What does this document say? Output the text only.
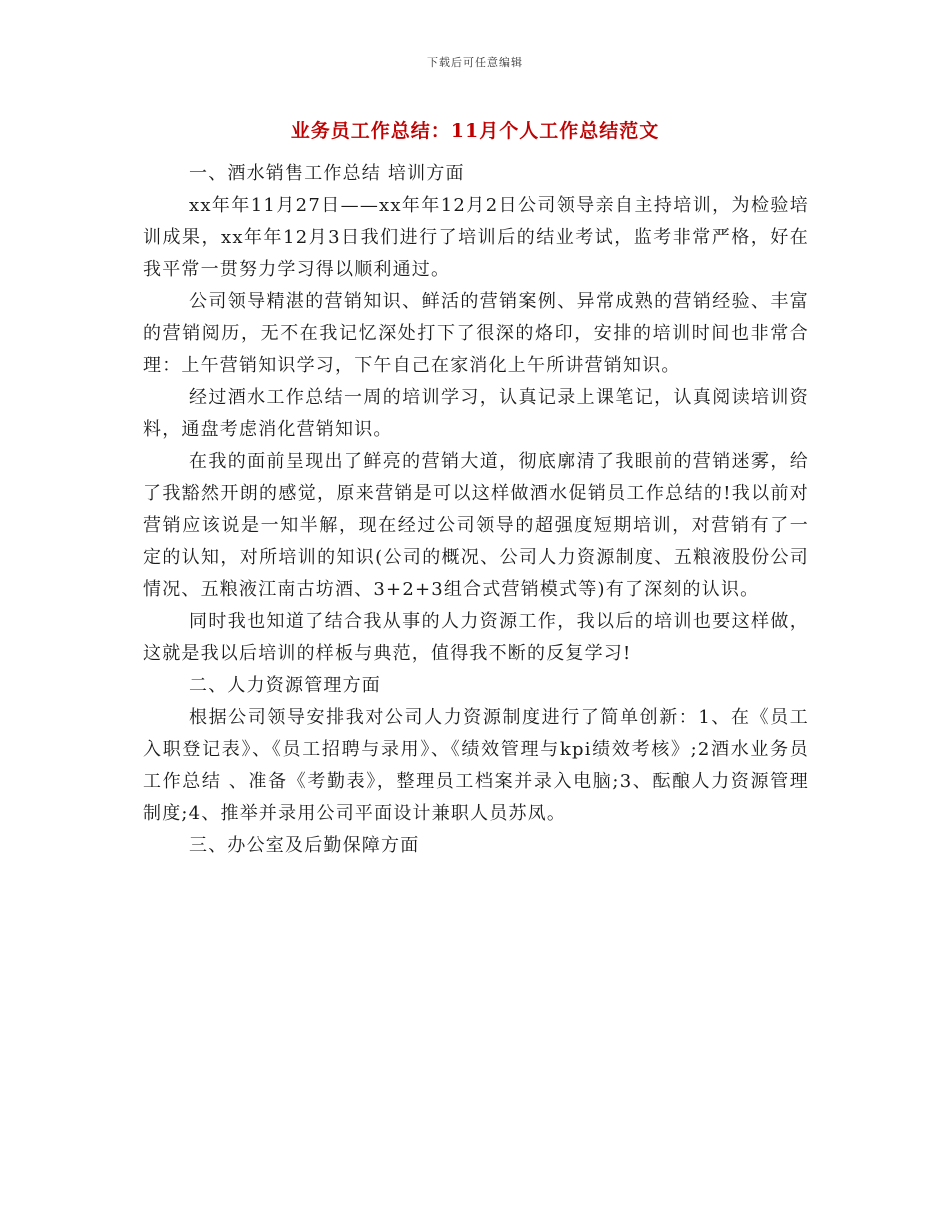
下载后可任意编辑
业务员工作总结：11月个人工作总结范文

一、酒水销售工作总结 培训方面

xx年年11月27日——xx年年12月2日公司领导亲自主持培训，为检验培训成果，xx年年12月3日我们进行了培训后的结业考试，监考非常严格，好在我平常一贯努力学习得以顺利通过。

公司领导精湛的营销知识、鲜活的营销案例、异常成熟的营销经验、丰富的营销阅历，无不在我记忆深处打下了很深的烙印，安排的培训时间也非常合理：上午营销知识学习，下午自己在家消化上午所讲营销知识。

经过酒水工作总结一周的培训学习，认真记录上课笔记，认真阅读培训资料，通盘考虑消化营销知识。

在我的面前呈现出了鲜亮的营销大道，彻底廓清了我眼前的营销迷雾，给了我豁然开朗的感觉，原来营销是可以这样做酒水促销员工作总结的!我以前对营销应该说是一知半解，现在经过公司领导的超强度短期培训，对营销有了一定的认知，对所培训的知识(公司的概况、公司人力资源制度、五粮液股份公司情况、五粮液江南古坊酒、3+2+3组合式营销模式等)有了深刻的认识。

同时我也知道了结合我从事的人力资源工作，我以后的培训也要这样做，这就是我以后培训的样板与典范，值得我不断的反复学习!

二、人力资源管理方面

根据公司领导安排我对公司人力资源制度进行了简单创新：1、在《员工入职登记表》、《员工招聘与录用》、《绩效管理与kpi绩效考核》;2酒水业务员工作总结 、准备《考勤表》，整理员工档案并录入电脑;3、酝酿人力资源管理制度;4、推举并录用公司平面设计兼职人员苏凤。

三、办公室及后勤保障方面
